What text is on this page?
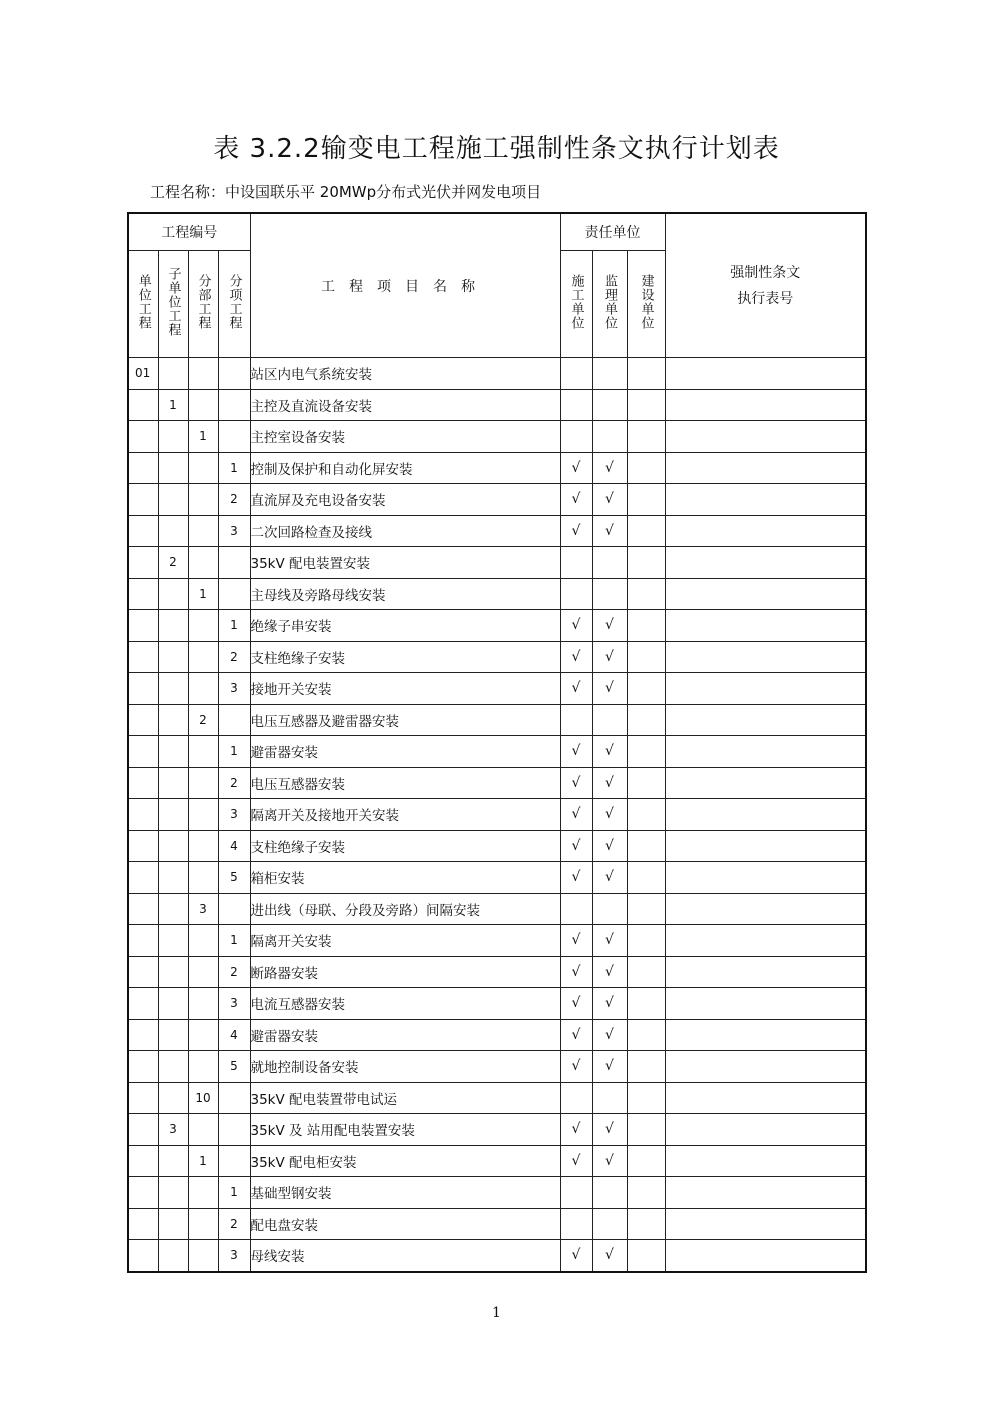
表 3.2.2输变电工程施工强制性条文执行计划表
工程名称：中设国联乐平 20MWp分布式光伏并网发电项目
工程编号				工程项目名称	责任单位			强制性条文
执行表号

单位工程	子单位工程	分部工程	分项工程		施工单位	监理单位	建设单位	
01				站区内电气系统安装				
	1			主控及直流设备安装				
		1		主控室设备安装				
			1	控制及保护和自动化屏安装	√	√		
			2	直流屏及充电设备安装	√	√		
			3	二次回路检查及接线	√	√		
	2			35kV 配电装置安装				
		1		主母线及旁路母线安装				
			1	绝缘子串安装	√	√		
			2	支柱绝缘子安装	√	√		
			3	接地开关安装	√	√		
		2		电压互感器及避雷器安装				
			1	避雷器安装	√	√		
			2	电压互感器安装	√	√		
			3	隔离开关及接地开关安装	√	√		
			4	支柱绝缘子安装	√	√		
			5	箱柜安装	√	√		
		3		进出线（母联、分段及旁路）间隔安装				
			1	隔离开关安装	√	√		
			2	断路器安装	√	√		
			3	电流互感器安装	√	√		
			4	避雷器安装	√	√		
			5	就地控制设备安装	√	√		
		10		35kV 配电装置带电试运				
	3			35kV 及 站用配电装置安装	√	√		
		1		35kV 配电柜安装	√	√		
			1	基础型钢安装				
			2	配电盘安装				
			3	母线安装	√	√		
1
